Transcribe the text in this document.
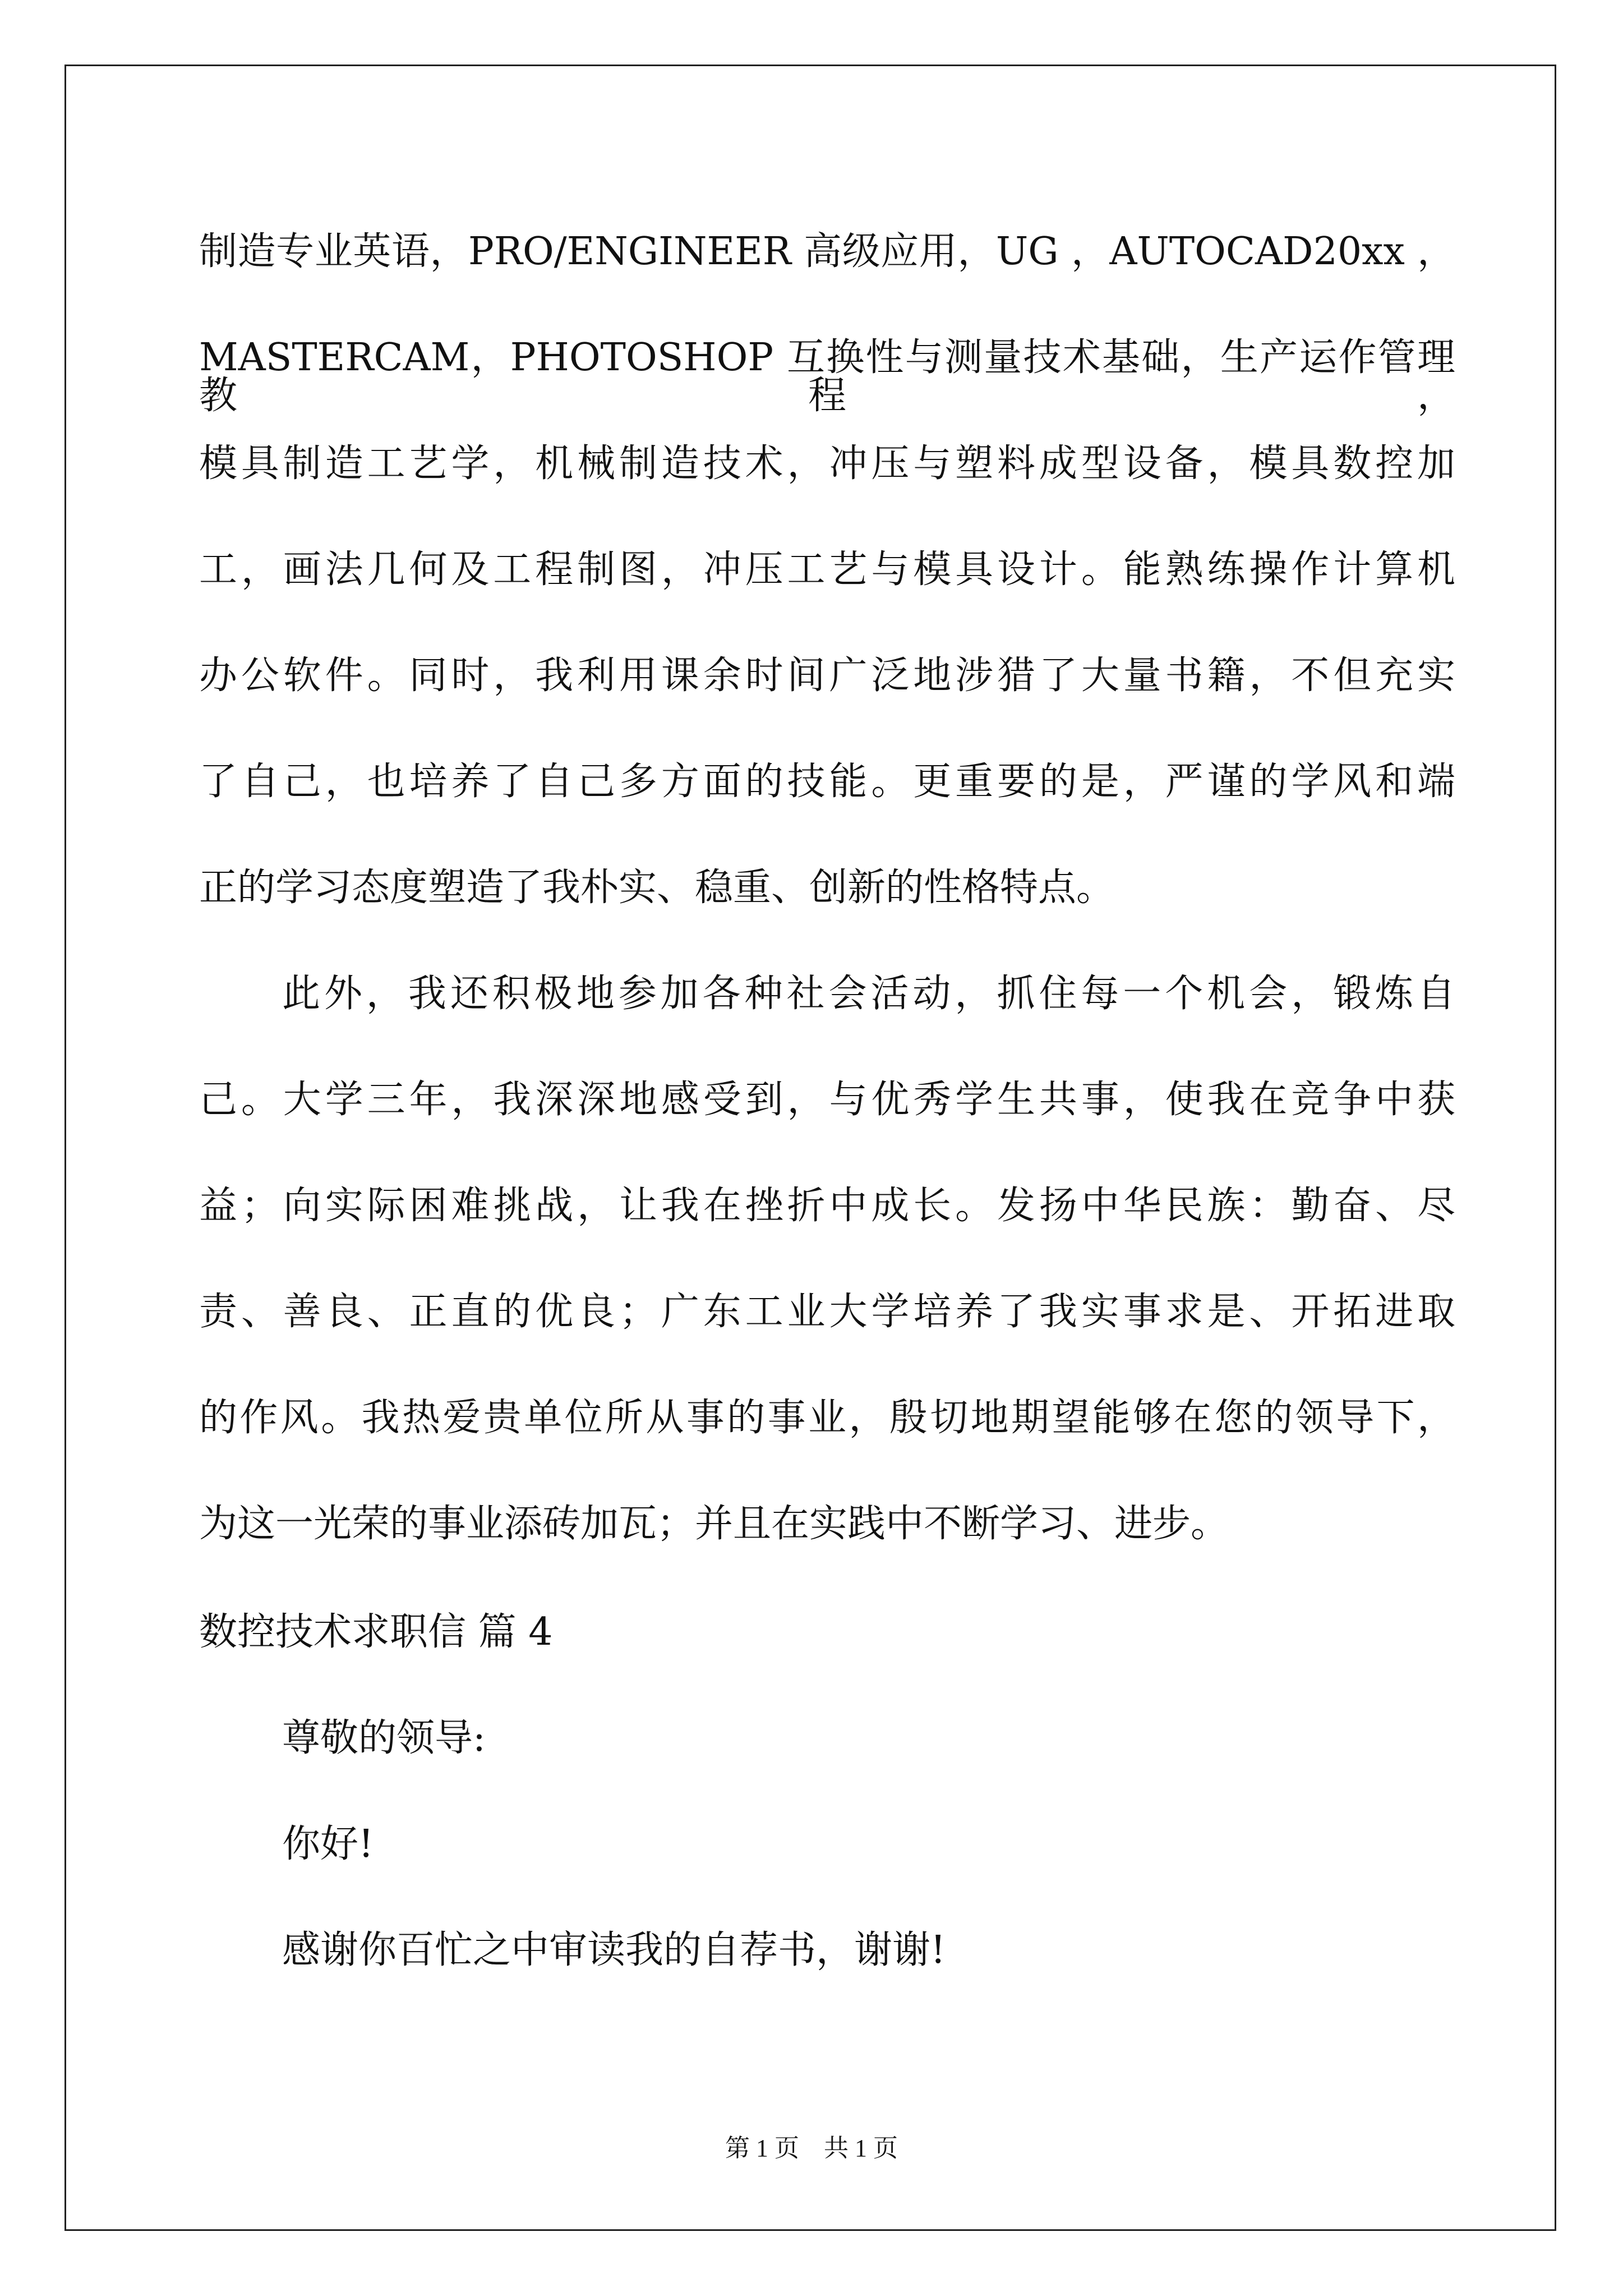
制造专业英语，PRO/ENGINEER 高级应用，UG ，AUTOCAD20xx ，

MASTERCAM，PHOTOSHOP 互换性与测量技术基础，生产运作管理教程，

模具制造工艺学，机械制造技术，冲压与塑料成型设备，模具数控加

工，画法几何及工程制图，冲压工艺与模具设计。能熟练操作计算机

办公软件。同时，我利用课余时间广泛地涉猎了大量书籍，不但充实

了自己，也培养了自己多方面的技能。更重要的是，严谨的学风和端

正的学习态度塑造了我朴实、稳重、创新的性格特点。

此外，我还积极地参加各种社会活动，抓住每一个机会，锻炼自

己。大学三年，我深深地感受到，与优秀学生共事，使我在竞争中获

益；向实际困难挑战，让我在挫折中成长。发扬中华民族：勤奋、尽

责、善良、正直的优良；广东工业大学培养了我实事求是、开拓进取

的作风。我热爱贵单位所从事的事业，殷切地期望能够在您的领导下，

为这一光荣的事业添砖加瓦；并且在实践中不断学习、进步。

数控技术求职信 篇 4

尊敬的领导:

你好!

感谢你百忙之中审读我的自荐书，谢谢!

第 1 页　共 1 页
